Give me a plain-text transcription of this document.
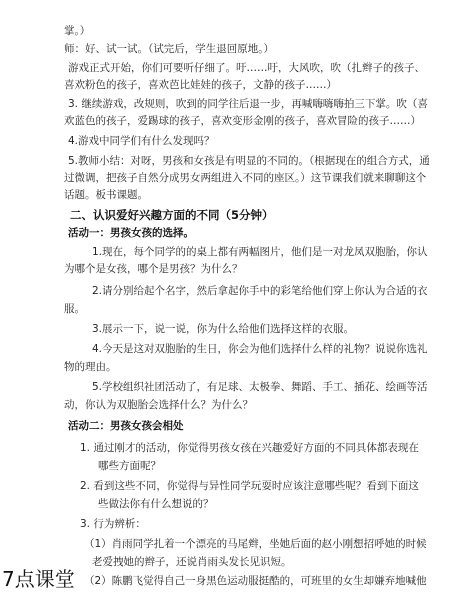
掌。）
师：好、试一试。（试完后，学生退回原地。）
游戏正式开始，你们可要听仔细了。吁……吁，大风吹，吹（扎辫子的孩子、
喜欢粉色的孩子，喜欢芭比娃娃的孩子，文静的孩子……）
3. 继续游戏，改规则，吹到的同学往后退一步，再喊嗨嗨嗨拍三下掌。吹（喜
欢蓝色的孩子，爱踢球的孩子，喜欢变形金刚的孩子，喜欢冒险的孩子……）
4.游戏中同学们有什么发现吗？
5.教师小结：对呀，男孩和女孩是有明显的不同的。（根据现在的组合方式，通
过微调，把孩子自然分成男女两组进入不同的座区。）这节课我们就来聊聊这个
话题。板书课题。
二、认识爱好兴趣方面的不同（5分钟）
活动一：男孩女孩的选择。
1.现在，每个同学的的桌上都有两幅图片，他们是一对龙凤双胞胎，你认
为哪个是女孩，哪个是男孩？为什么？
2.请分别给起个名字，然后拿起你手中的彩笔给他们穿上你认为合适的衣
服。
3.展示一下，说一说，你为什么给他们选择这样的衣服。
4.今天是这对双胞胎的生日，你会为他们选择什么样的礼物？说说你选礼
物的理由。
5.学校组织社团活动了，有足球、太极拳、舞蹈、手工、插花、绘画等活
动，你认为双胞胎会选择什么？为什么？
活动二：男孩女孩会相处
1. 通过刚才的活动，你觉得男孩女孩在兴趣爱好方面的不同具体都表现在
哪些方面呢？
2. 看到这些不同，你觉得与异性同学玩耍时应该注意哪些呢？看到下面这
些做法你有什么想说的？
3. 行为辨析：
（1）肖雨同学扎着一个漂亮的马尾辫，坐她后面的赵小刚想招呼她的时候
老爱拽她的辫子，还说肖雨头发长见识短。
（2）陈鹏飞觉得自己一身黑色运动服挺酷的，可班里的女生却嫌弃地喊他
7点课堂
